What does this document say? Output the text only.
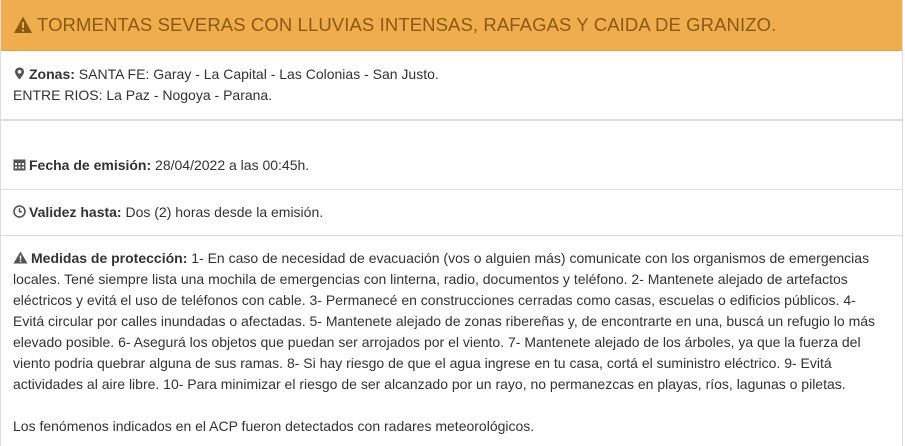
TORMENTAS SEVERAS CON LLUVIAS INTENSAS, RAFAGAS Y CAIDA DE GRANIZO.
Zonas: SANTA FE: Garay - La Capital - Las Colonias - San Justo.
ENTRE RIOS: La Paz - Nogoya - Parana.
Fecha de emisión: 28/04/2022 a las 00:45h.
Validez hasta: Dos (2) horas desde la emisión.
Medidas de protección: 1- En caso de necesidad de evacuación (vos o alguien más) comunicate con los organismos de emergencias locales. Tené siempre lista una mochila de emergencias con linterna, radio, documentos y teléfono. 2- Mantenete alejado de artefactos eléctricos y evitá el uso de teléfonos con cable. 3- Permanecé en construcciones cerradas como casas, escuelas o edificios públicos. 4- Evitá circular por calles inundadas o afectadas. 5- Mantenete alejado de zonas ribereñas y, de encontrarte en una, buscá un refugio lo más elevado posible. 6- Asegurá los objetos que puedan ser arrojados por el viento. 7- Mantenete alejado de los árboles, ya que la fuerza del viento podria quebrar alguna de sus ramas. 8- Si hay riesgo de que el agua ingrese en tu casa, cortá el suministro eléctrico. 9- Evitá actividades al aire libre. 10- Para minimizar el riesgo de ser alcanzado por un rayo, no permanezcas en playas, ríos, lagunas o piletas.
Los fenómenos indicados en el ACP fueron detectados con radares meteorológicos.
